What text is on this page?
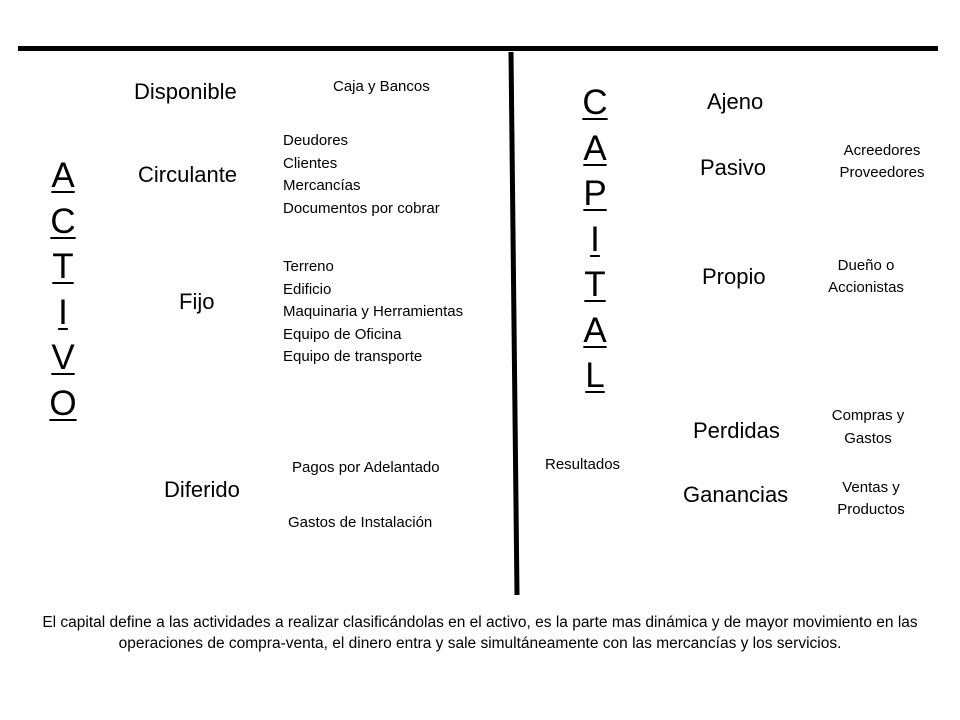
A
C
T
I
V
O
Disponible
Circulante
Fijo
Diferido
Caja y Bancos
Deudores
Clientes
Mercancías
Documentos por cobrar
Terreno
Edificio
Maquinaria y Herramientas
Equipo de Oficina
Equipo de transporte
Pagos por Adelantado
Gastos de Instalación
C
A
P
I
T
A
L
Resultados
Ajeno
Pasivo
Propio
Perdidas
Ganancias
Acreedores
Proveedores
Dueño o
Accionistas
Compras y
Gastos
Ventas y
Productos
El capital define a las actividades a realizar clasificándolas en el activo, es la parte mas dinámica y de mayor movimiento en las operaciones de compra-venta, el dinero entra y sale simultáneamente con las mercancías y los servicios.
